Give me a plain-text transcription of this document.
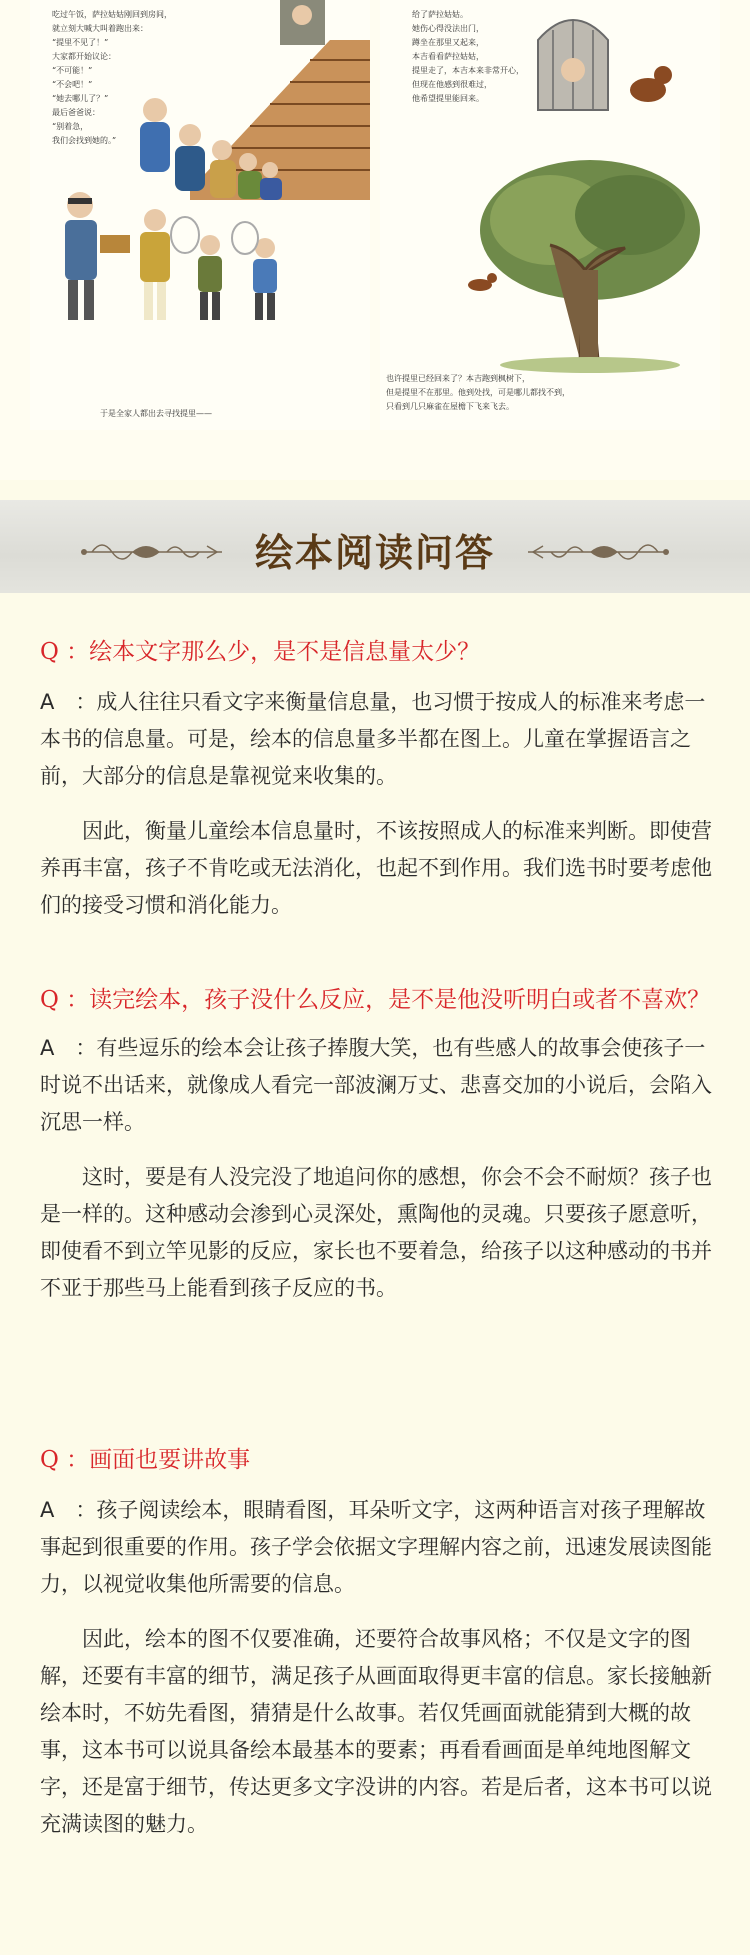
吃过午饭，萨拉姑姑刚回到房间，
就立刻大喊大叫着跑出来：
“提里不见了！”
大家都开始议论：
“不可能！”
“不会吧！”
“她去哪儿了？”
最后爸爸说：
“别着急，
我们会找到她的。”
于是全家人都出去寻找提里——
给了萨拉姑姑。
她伤心得没法出门，
蹲坐在那里又起来，
本吉看看萨拉姑姑，
提里走了，本吉本来非常开心，
但现在他感到很难过，
他希望提里能回来。
也许提里已经回来了？本吉跑到枫树下，
但是提里不在那里。他到处找，可是哪儿都找不到，
只看到几只麻雀在屋檐下飞来飞去。
绘本阅读问答

Q ：绘本文字那么少，是不是信息量太少？

A　：成人往往只看文字来衡量信息量，也习惯于按成人的标准来考虑一本书的信息量。可是，绘本的信息量多半都在图上。儿童在掌握语言之前，大部分的信息是靠视觉来收集的。

因此，衡量儿童绘本信息量时，不该按照成人的标准来判断。即使营养再丰富，孩子不肯吃或无法消化，也起不到作用。我们选书时要考虑他们的接受习惯和消化能力。

Q ：读完绘本，孩子没什么反应，是不是他没听明白或者不喜欢？

A　：有些逗乐的绘本会让孩子捧腹大笑，也有些感人的故事会使孩子一时说不出话来，就像成人看完一部波澜万丈、悲喜交加的小说后，会陷入沉思一样。

这时，要是有人没完没了地追问你的感想，你会不会不耐烦？孩子也是一样的。这种感动会渗到心灵深处，熏陶他的灵魂。只要孩子愿意听，即使看不到立竿见影的反应，家长也不要着急，给孩子以这种感动的书并不亚于那些马上能看到孩子反应的书。

Q ：画面也要讲故事

A　：孩子阅读绘本，眼睛看图，耳朵听文字，这两种语言对孩子理解故事起到很重要的作用。孩子学会依据文字理解内容之前，迅速发展读图能力，以视觉收集他所需要的信息。

因此，绘本的图不仅要准确，还要符合故事风格；不仅是文字的图解，还要有丰富的细节，满足孩子从画面取得更丰富的信息。家长接触新绘本时，不妨先看图，猜猜是什么故事。若仅凭画面就能猜到大概的故事，这本书可以说具备绘本最基本的要素；再看看画面是单纯地图解文字，还是富于细节，传达更多文字没讲的内容。若是后者，这本书可以说充满读图的魅力。
